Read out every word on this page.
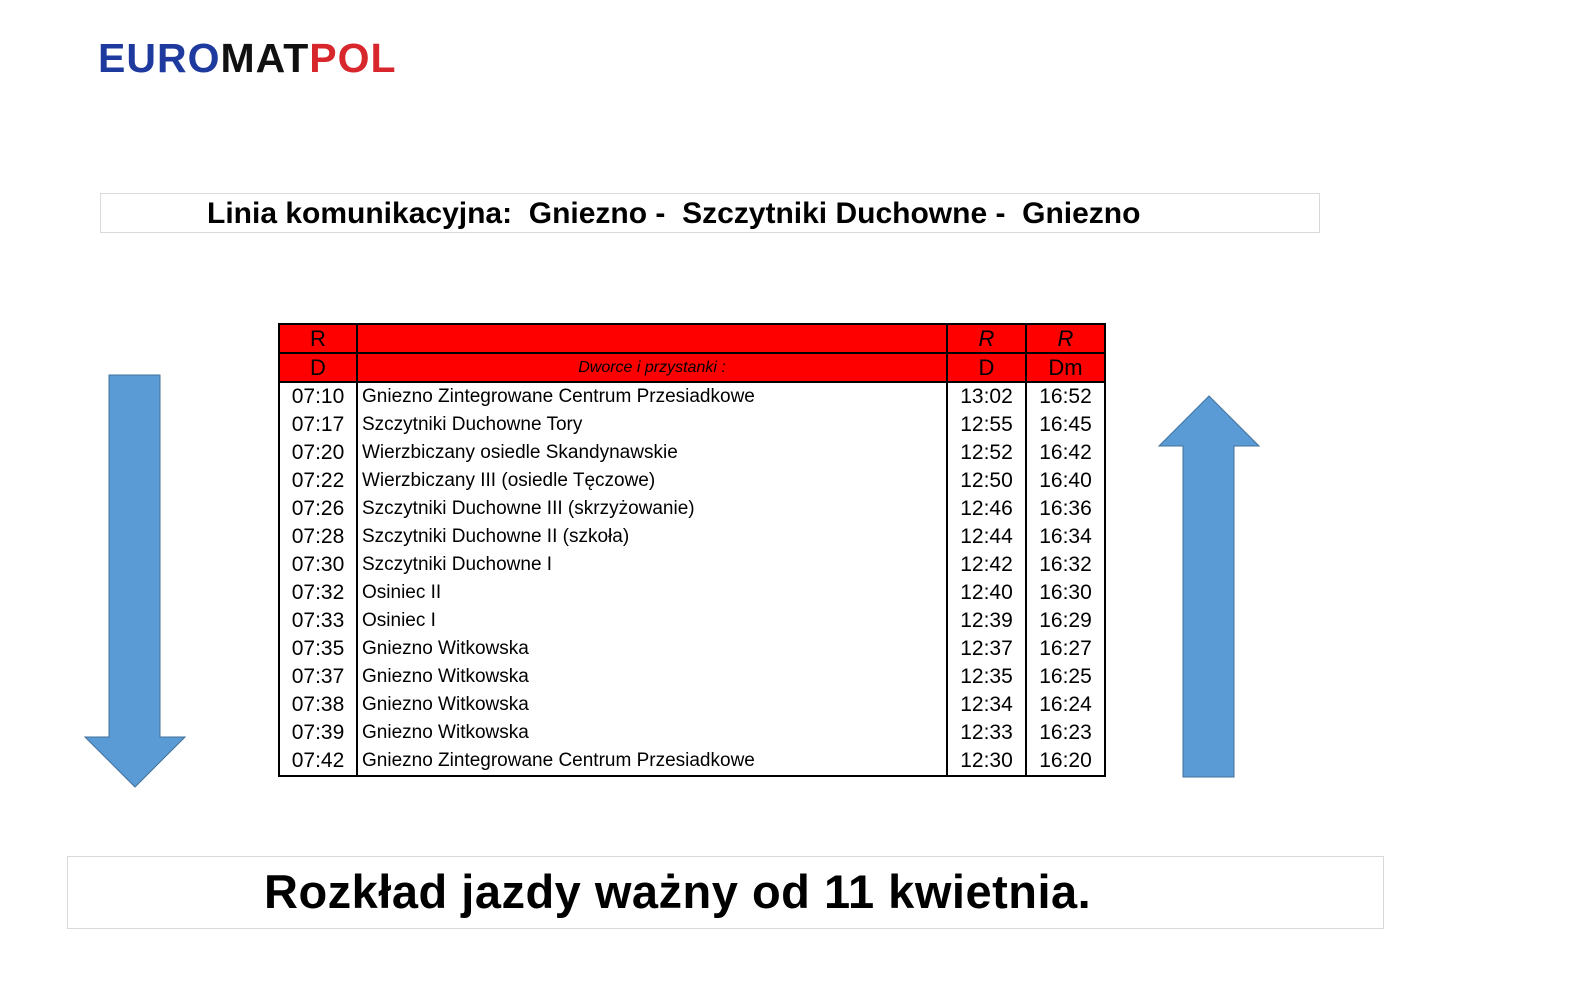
EUROMATPOL
Linia komunikacyjna:  Gniezno -  Szczytniki Duchowne -  Gniezno
R		R	R
D	Dworce i przystanki :	D	Dm
07:10	Gniezno Zintegrowane Centrum Przesiadkowe	13:02	16:52
07:17	Szczytniki Duchowne Tory	12:55	16:45
07:20	Wierzbiczany osiedle Skandynawskie	12:52	16:42
07:22	Wierzbiczany III (osiedle Tęczowe)	12:50	16:40
07:26	Szczytniki Duchowne III (skrzyżowanie)	12:46	16:36
07:28	Szczytniki Duchowne II (szkoła)	12:44	16:34
07:30	Szczytniki Duchowne I	12:42	16:32
07:32	Osiniec II	12:40	16:30
07:33	Osiniec I	12:39	16:29
07:35	Gniezno Witkowska	12:37	16:27
07:37	Gniezno Witkowska	12:35	16:25
07:38	Gniezno Witkowska	12:34	16:24
07:39	Gniezno Witkowska	12:33	16:23
07:42	Gniezno Zintegrowane Centrum Przesiadkowe	12:30	16:20
Rozkład jazdy ważny od 11 kwietnia.
